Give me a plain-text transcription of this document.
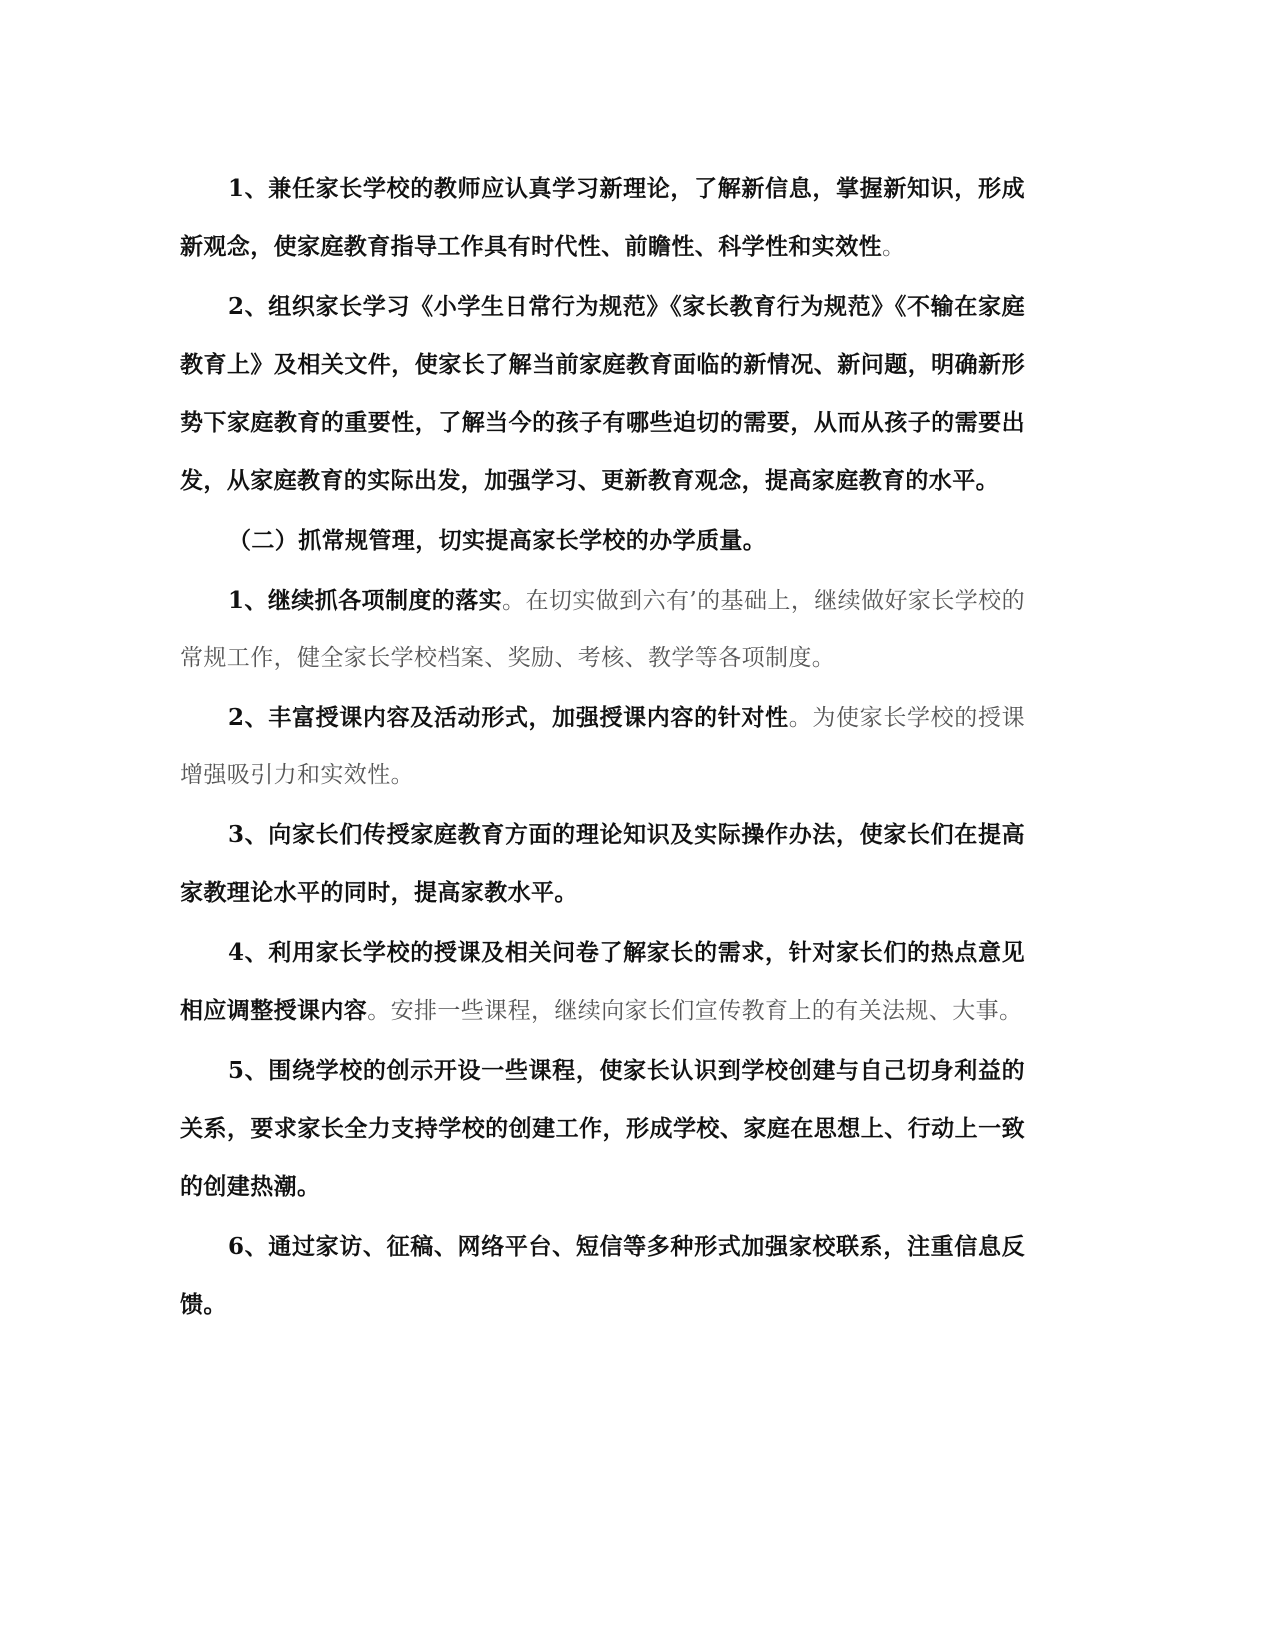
1、兼任家长学校的教师应认真学习新理论，了解新信息，掌握新知识，形成新观念，使家庭教育指导工作具有时代性、前瞻性、科学性和实效性。

2、组织家长学习《小学生日常行为规范》《家长教育行为规范》《不输在家庭教育上》及相关文件，使家长了解当前家庭教育面临的新情况、新问题，明确新形势下家庭教育的重要性，了解当今的孩子有哪些迫切的需要，从而从孩子的需要出发，从家庭教育的实际出发，加强学习、更新教育观念，提高家庭教育的水平。

（二）抓常规管理，切实提高家长学校的办学质量。

1、继续抓各项制度的落实。在切实做到六有’的基础上，继续做好家长学校的常规工作，健全家长学校档案、奖励、考核、教学等各项制度。

2、丰富授课内容及活动形式，加强授课内容的针对性。为使家长学校的授课增强吸引力和实效性。

3、向家长们传授家庭教育方面的理论知识及实际操作办法，使家长们在提高家教理论水平的同时，提高家教水平。

4、利用家长学校的授课及相关问卷了解家长的需求，针对家长们的热点意见相应调整授课内容。安排一些课程，继续向家长们宣传教育上的有关法规、大事。

5、围绕学校的创示开设一些课程，使家长认识到学校创建与自己切身利益的关系，要求家长全力支持学校的创建工作，形成学校、家庭在思想上、行动上一致的创建热潮。

6、通过家访、征稿、网络平台、短信等多种形式加强家校联系，注重信息反馈。
